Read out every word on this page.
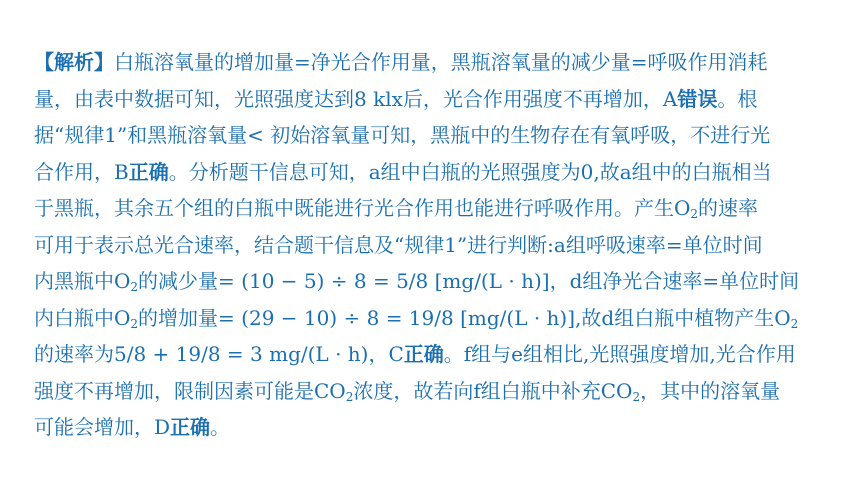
【解析】白瓶溶氧量的增加量=净光合作用量，黑瓶溶氧量的减少量=呼吸作用消耗
量，由表中数据可知，光照强度达到8 klx后，光合作用强度不再增加，A错误。根
据“规律1”和黑瓶溶氧量< 初始溶氧量可知，黑瓶中的生物存在有氧呼吸，不进行光
合作用，B正确。分析题干信息可知，a组中白瓶的光照强度为0,故a组中的白瓶相当
于黑瓶，其余五个组的白瓶中既能进行光合作用也能进行呼吸作用。产生$O_2$的速率
可用于表示总光合速率，结合题干信息及“规律1”进行判断:a组呼吸速率=单位时间
内黑瓶中$O_2$的减少量= (10 − 5) ÷ 8 = 5/8 [mg/(L · h)]，d组净光合速率=单位时间
内白瓶中$O_2$的增加量= (29 − 10) ÷ 8 = 19/8 [mg/(L · h)],故d组白瓶中植物产生$O_2$
的速率为5/8 + 19/8 = 3 mg/(L · h)，C正确。f组与e组相比,光照强度增加,光合作用
强度不再增加，限制因素可能是$CO_2$浓度，故若向f组白瓶中补充$CO_2$，其中的溶氧量
可能会增加，D正确。
